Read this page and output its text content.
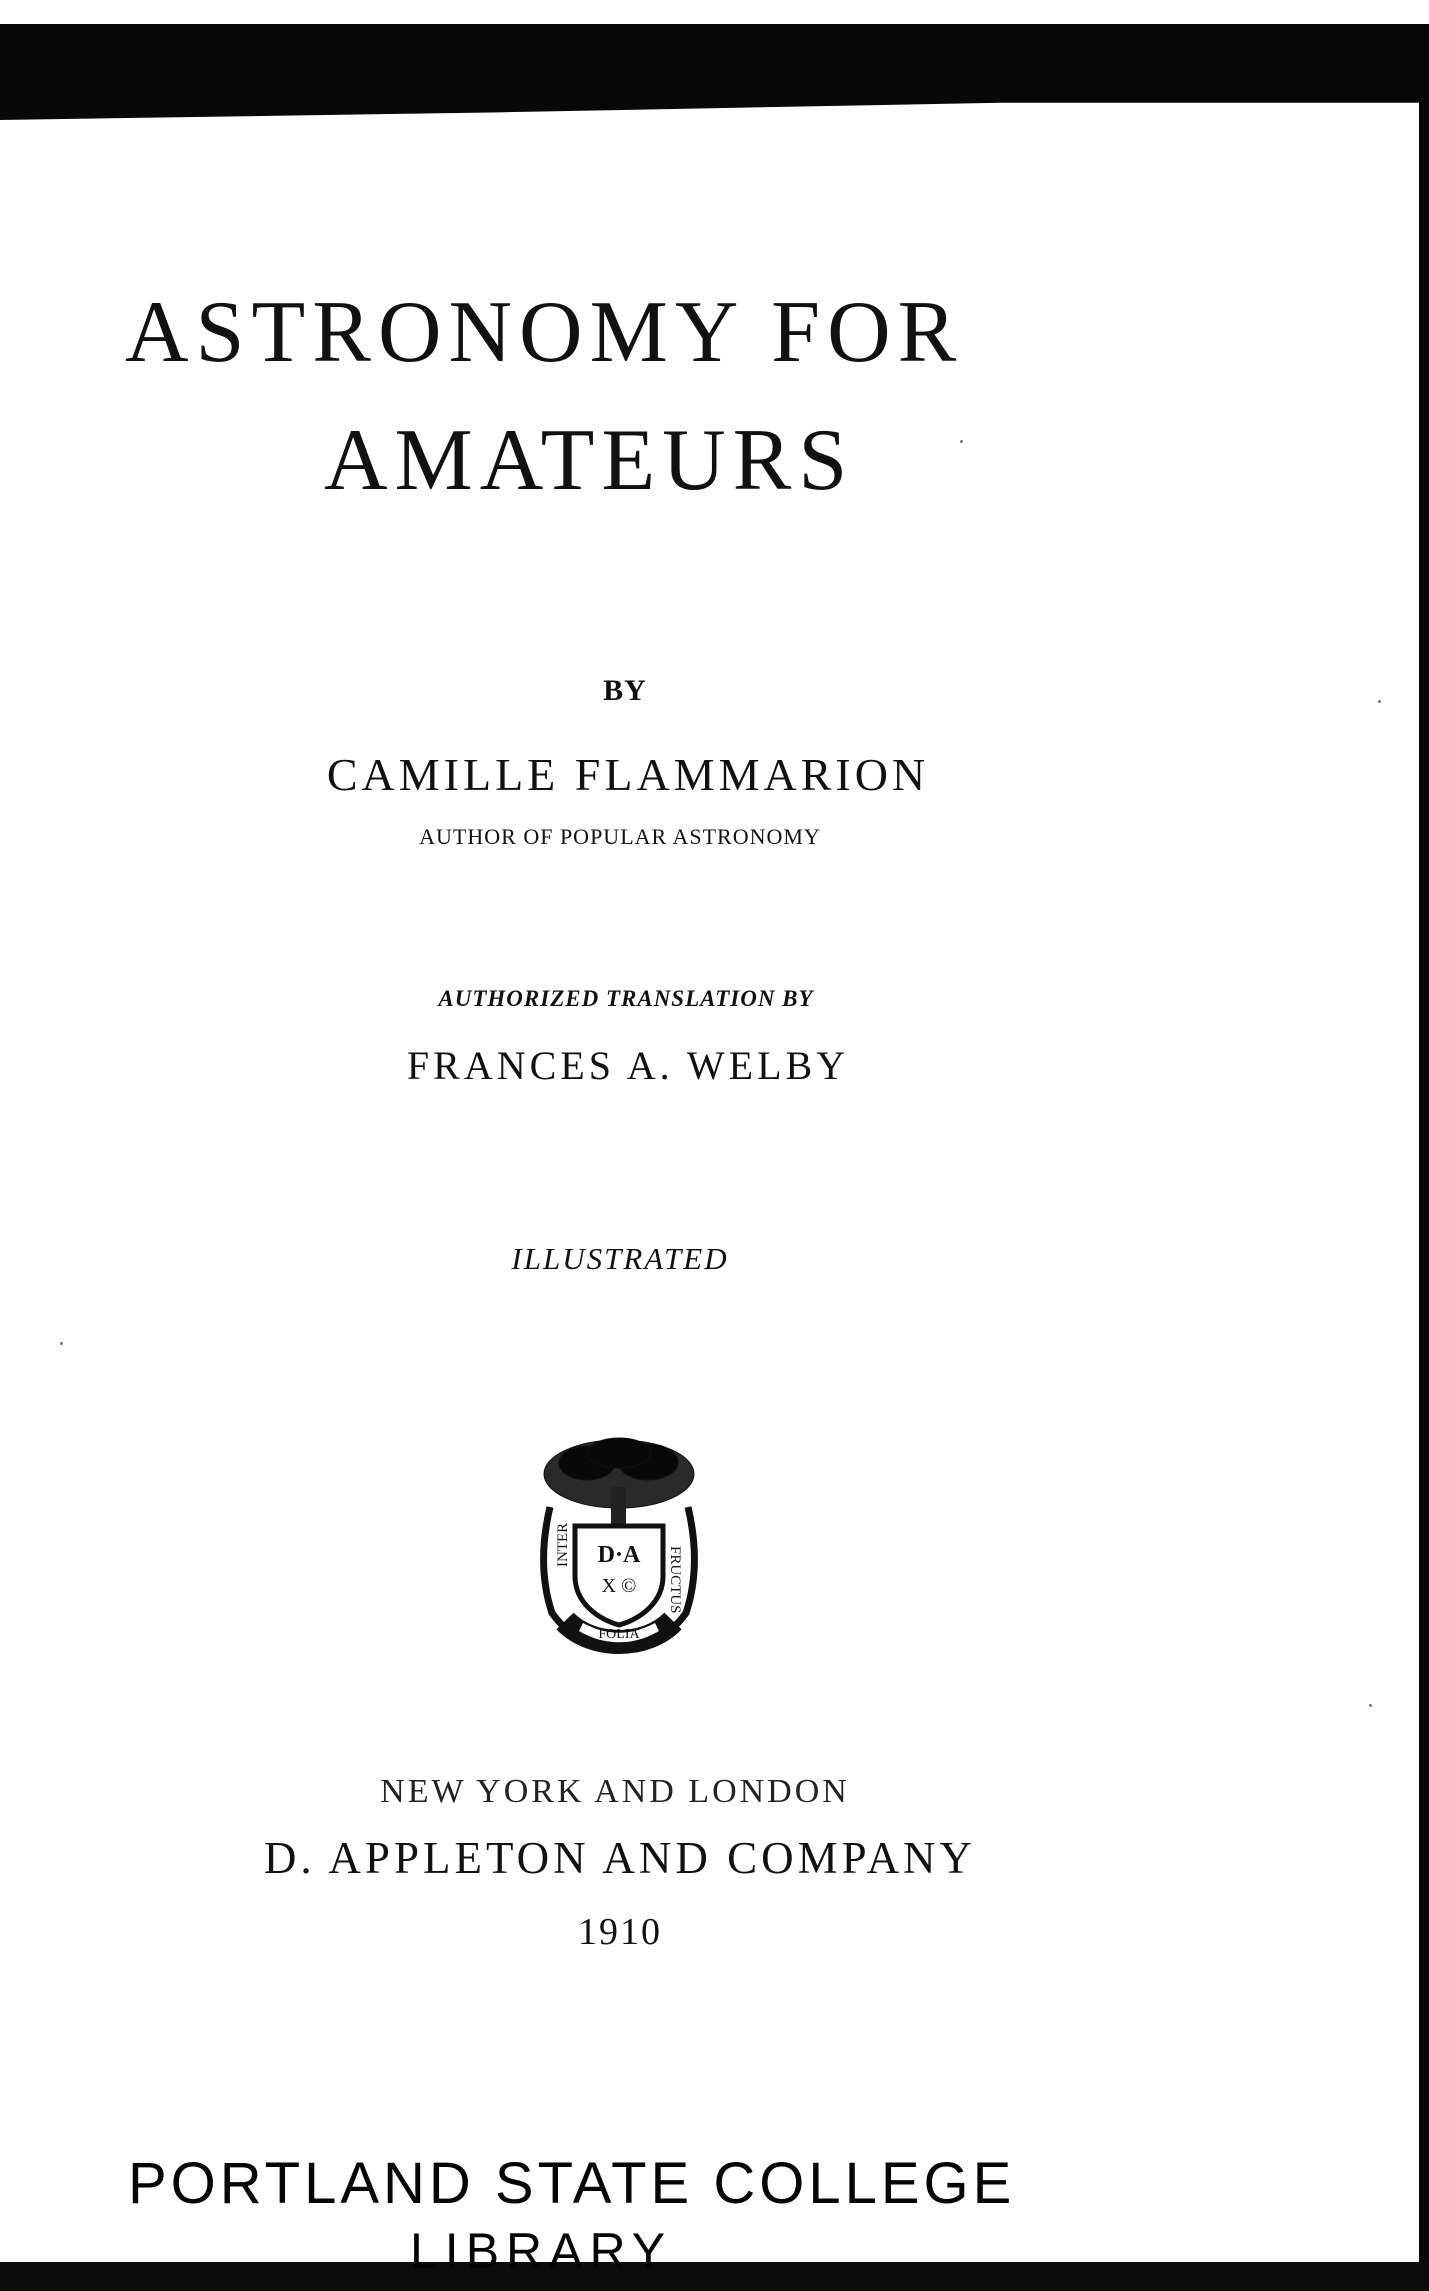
ASTRONOMY FOR
AMATEURS
BY
CAMILLE FLAMMARION
AUTHOR OF POPULAR ASTRONOMY
AUTHORIZED TRANSLATION BY
FRANCES A. WELBY
ILLUSTRATED
INTER
FRUCTUS
FOLIA
D·A
X ©
NEW YORK AND LONDON
D. APPLETON AND COMPANY
1910
PORTLAND STATE COLLEGE
LIBRARY
